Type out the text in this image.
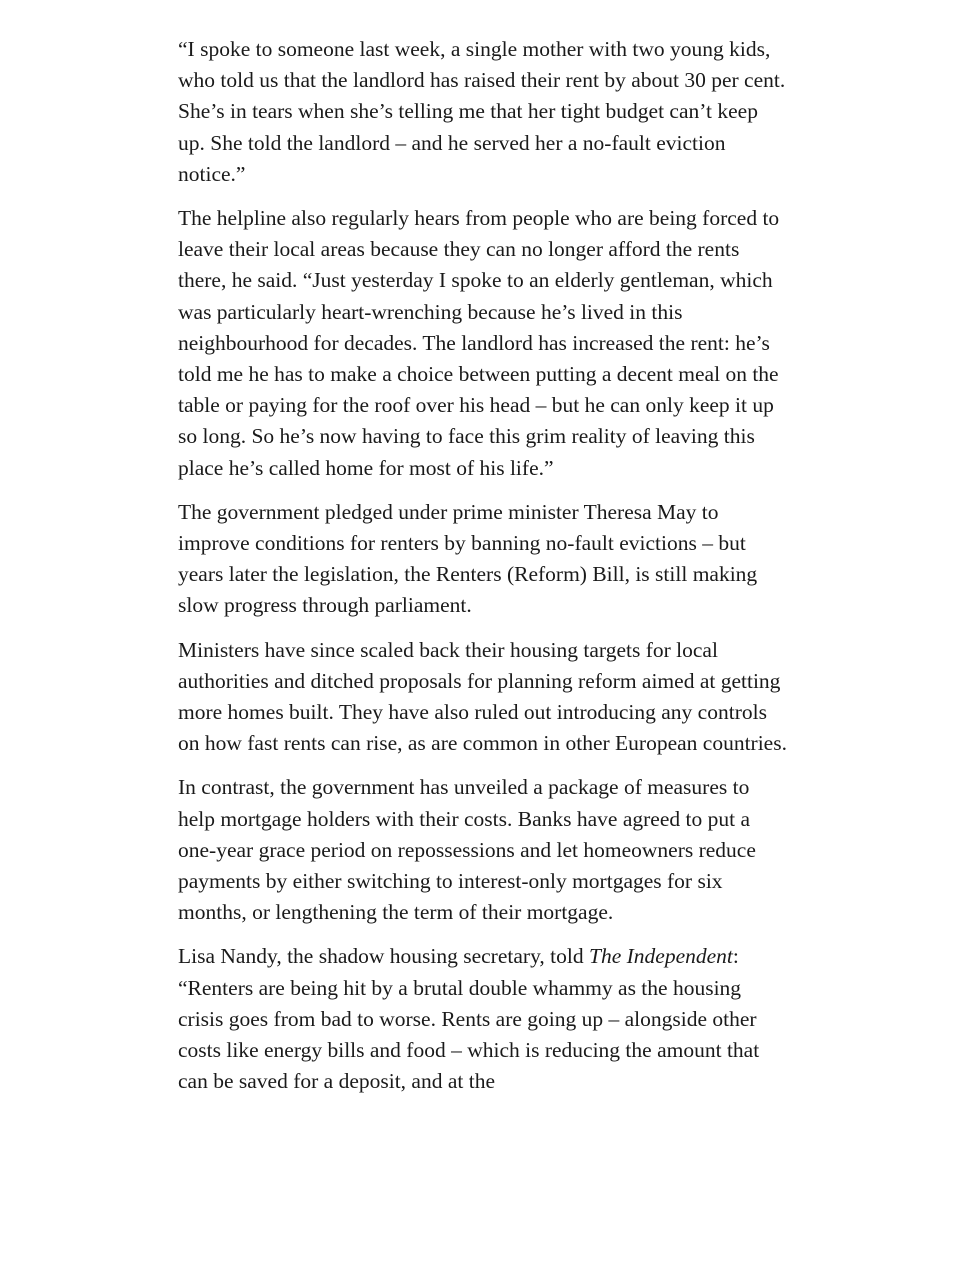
“I spoke to someone last week, a single mother with two young kids, who told us that the landlord has raised their rent by about 30 per cent. She’s in tears when she’s telling me that her tight budget can’t keep up. She told the landlord – and he served her a no-fault eviction notice.”

The helpline also regularly hears from people who are being forced to leave their local areas because they can no longer afford the rents there, he said. “Just yesterday I spoke to an elderly gentleman, which was particularly heart-wrenching because he’s lived in this neighbourhood for decades. The landlord has increased the rent: he’s told me he has to make a choice between putting a decent meal on the table or paying for the roof over his head – but he can only keep it up so long. So he’s now having to face this grim reality of leaving this place he’s called home for most of his life.”

The government pledged under prime minister Theresa May to improve conditions for renters by banning no-fault evictions – but years later the legislation, the Renters (Reform) Bill, is still making slow progress through parliament.

Ministers have since scaled back their housing targets for local authorities and ditched proposals for planning reform aimed at getting more homes built. They have also ruled out introducing any controls on how fast rents can rise, as are common in other European countries.

In contrast, the government has unveiled a package of measures to help mortgage holders with their costs. Banks have agreed to put a one-year grace period on repossessions and let homeowners reduce payments by either switching to interest-only mortgages for six months, or lengthening the term of their mortgage.

Lisa Nandy, the shadow housing secretary, told The Independent: “Renters are being hit by a brutal double whammy as the housing crisis goes from bad to worse. Rents are going up – alongside other costs like energy bills and food – which is reducing the amount that can be saved for a deposit, and at the
